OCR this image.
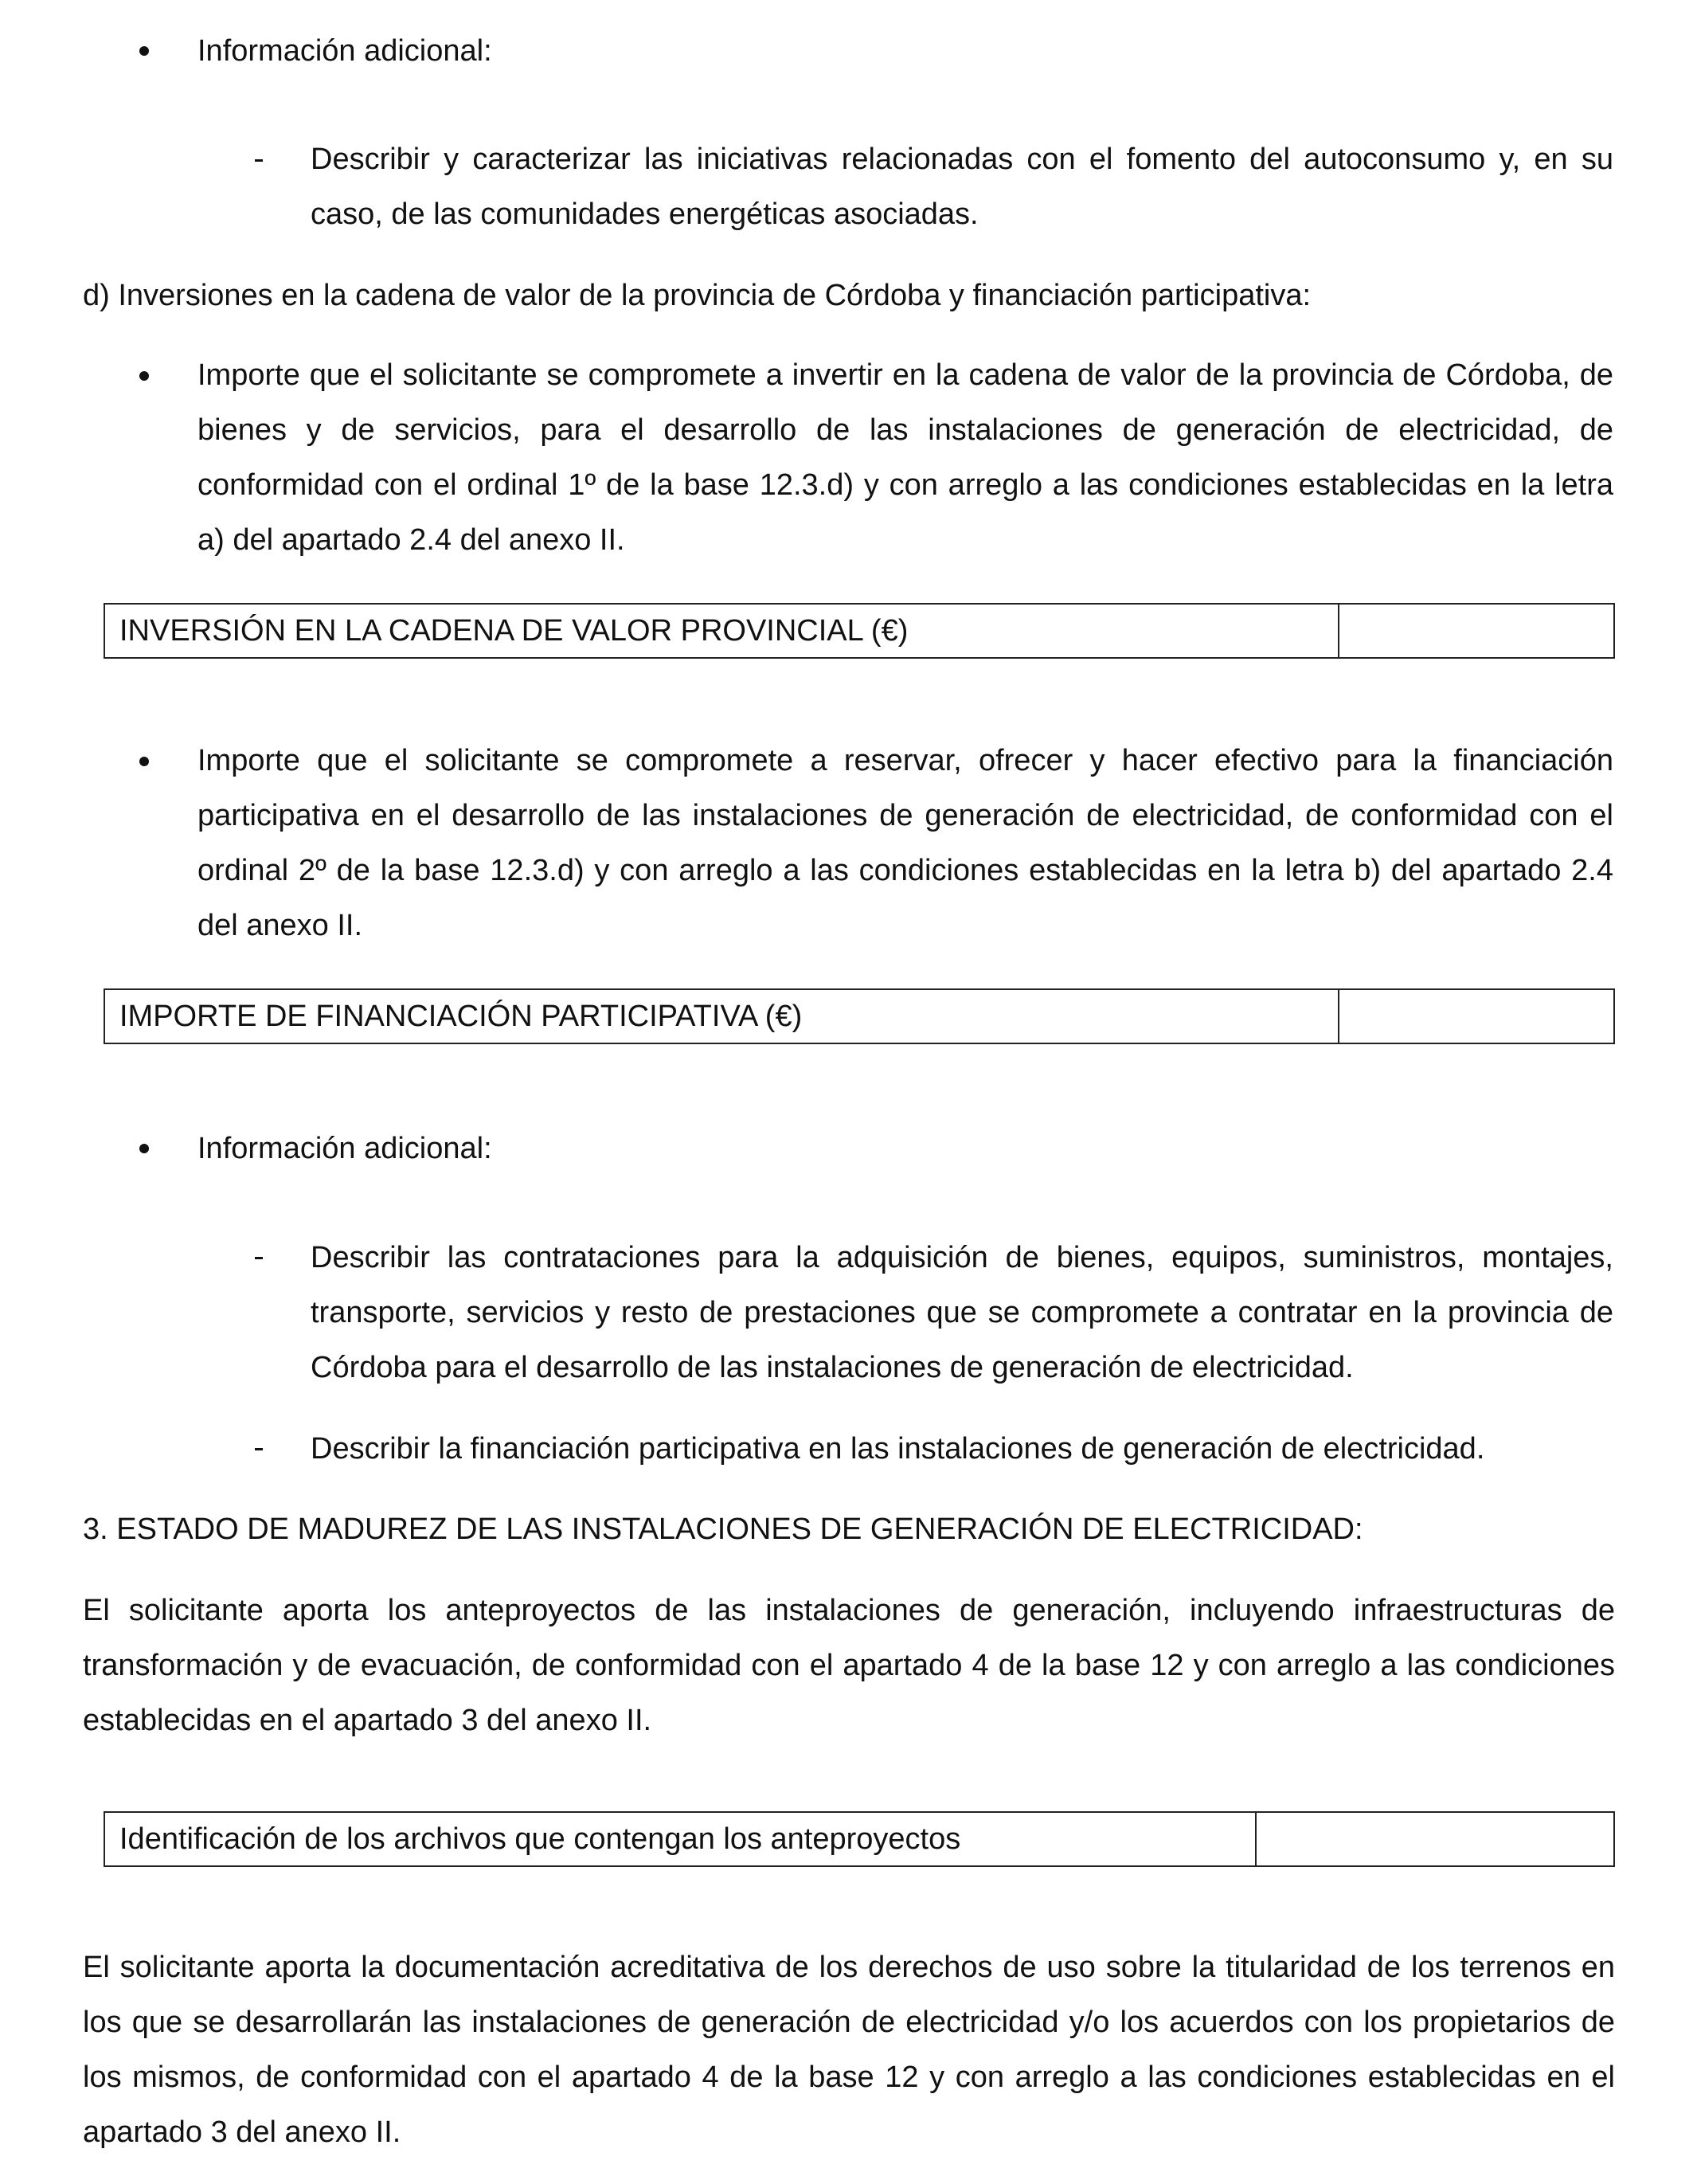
Información adicional:

Describir y caracterizar las iniciativas relacionadas con el fomento del autoconsumo y, en su caso, de las comunidades energéticas asociadas.

d) Inversiones en la cadena de valor de la provincia de Córdoba y financiación participativa:

Importe que el solicitante se compromete a invertir en la cadena de valor de la provincia de Córdoba, de bienes y de servicios, para el desarrollo de las instalaciones de generación de electricidad, de conformidad con el ordinal 1º de la base 12.3.d) y con arreglo a las condiciones establecidas en la letra a) del apartado 2.4 del anexo II.

INVERSIÓN EN LA CADENA DE VALOR PROVINCIAL (€)	

Importe que el solicitante se compromete a reservar, ofrecer y hacer efectivo para la financiación participativa en el desarrollo de las instalaciones de generación de electricidad, de conformidad con el ordinal 2º de la base 12.3.d) y con arreglo a las condiciones establecidas en la letra b) del apartado 2.4 del anexo II.

IMPORTE DE FINANCIACIÓN PARTICIPATIVA (€)	

Información adicional:

Describir las contrataciones para la adquisición de bienes, equipos, suministros, montajes, transporte, servicios y resto de prestaciones que se compromete a contratar en la provincia de Córdoba para el desarrollo de las instalaciones de generación de electricidad.

Describir la financiación participativa en las instalaciones de generación de electricidad.

3. ESTADO DE MADUREZ DE LAS INSTALACIONES DE GENERACIÓN DE ELECTRICIDAD:

El solicitante aporta los anteproyectos de las instalaciones de generación, incluyendo infraestructuras de transformación y de evacuación, de conformidad con el apartado 4 de la base 12 y con arreglo a las condiciones establecidas en el apartado 3 del anexo II.

Identificación de los archivos que contengan los anteproyectos	

El solicitante aporta la documentación acreditativa de los derechos de uso sobre la titularidad de los terrenos en los que se desarrollarán las instalaciones de generación de electricidad y/o los acuerdos con los propietarios de los mismos, de conformidad con el apartado 4 de la base 12 y con arreglo a las condiciones establecidas en el apartado 3 del anexo II.
